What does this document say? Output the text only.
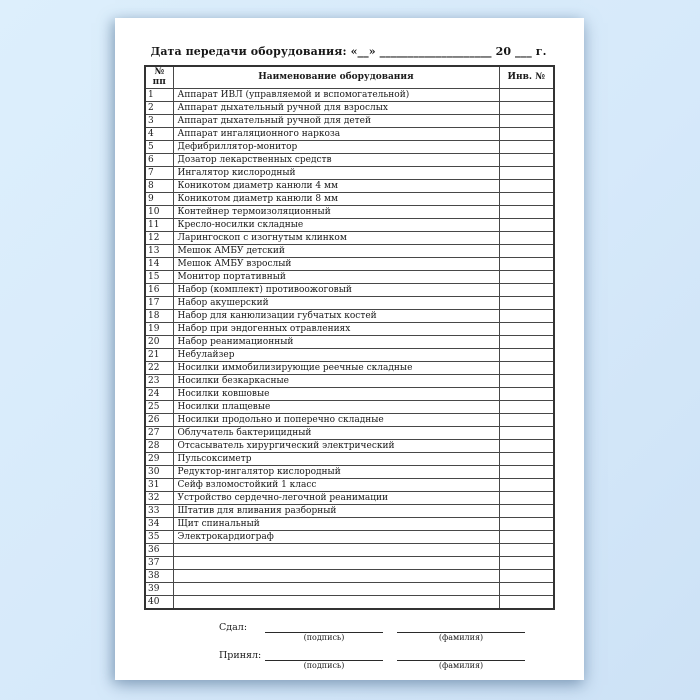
Дата передачи оборудования: «__» ____________________ 20 ___ г.
№
пп	Наименование оборудования	Инв. №
1	Аппарат ИВЛ (управляемой и вспомогательной)	
2	Аппарат дыхательный ручной для взрослых	
3	Аппарат дыхательный ручной для детей	
4	Аппарат ингаляционного наркоза	
5	Дефибриллятор-монитор	
6	Дозатор лекарственных средств	
7	Ингалятор кислородный	
8	Коникотом диаметр канюли 4 мм	
9	Коникотом диаметр канюли 8 мм	
10	Контейнер термоизоляционный	
11	Кресло-носилки складные	
12	Ларингоскоп с изогнутым клинком	
13	Мешок АМБУ детский	
14	Мешок АМБУ взрослый	
15	Монитор портативный	
16	Набор (комплект) противоожоговый	
17	Набор акушерский	
18	Набор для канюлизации губчатых костей	
19	Набор при эндогенных отравлениях	
20	Набор реанимационный	
21	Небулайзер	
22	Носилки иммобилизирующие реечные складные	
23	Носилки безкаркасные	
24	Носилки ковшовые	
25	Носилки плащевые	
26	Носилки продольно и поперечно складные	
27	Облучатель бактерицидный	
28	Отсасыватель хирургический электрический	
29	Пульсоксиметр	
30	Редуктор-ингалятор кислородный	
31	Сейф взломостойкий 1 класс	
32	Устройство сердечно-легочной реанимации	
33	Штатив для вливания разборный	
34	Щит спинальный	
35	Электрокардиограф	
36		
37		
38		
39		
40		
Сдал:
(подпись)	(фамилия)
Принял:
(подпись)	(фамилия)
